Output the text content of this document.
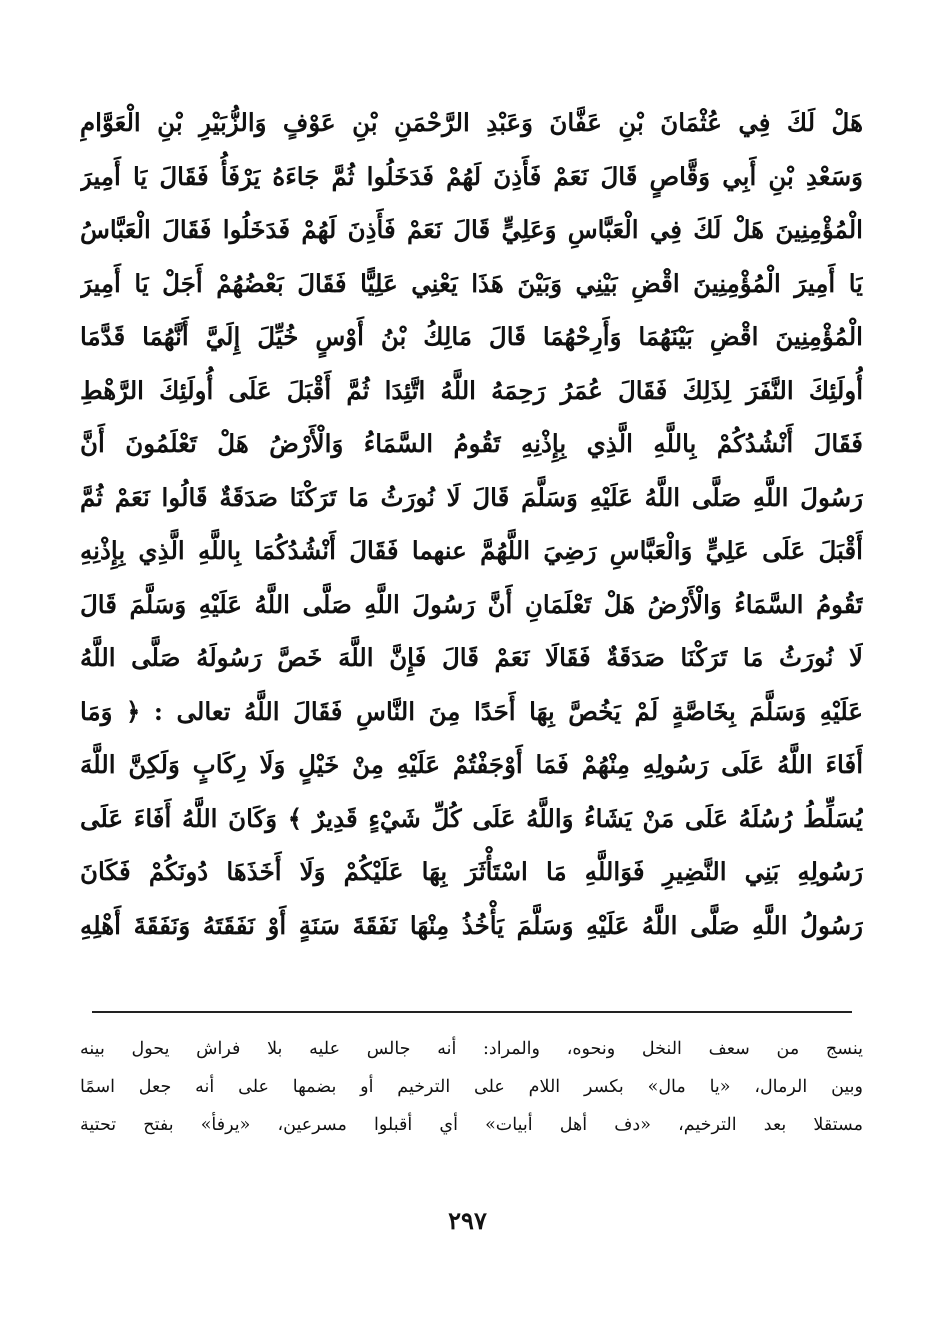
هَلْ لَكَ فِي عُثْمَانَ بْنِ عَفَّانَ وَعَبْدِ الرَّحْمَنِ بْنِ عَوْفٍ وَالزُّبَيْرِ بْنِ الْعَوَّامِ
وَسَعْدِ بْنِ أَبِي وَقَّاصٍ قَالَ نَعَمْ فَأَذِنَ لَهُمْ فَدَخَلُوا ثُمَّ جَاءَهُ يَرْفَأُ فَقَالَ يَا أَمِيرَ
الْمُؤْمِنِينَ هَلْ لَكَ فِي الْعَبَّاسِ وَعَلِيٍّ قَالَ نَعَمْ فَأَذِنَ لَهُمْ فَدَخَلُوا فَقَالَ الْعَبَّاسُ
يَا أَمِيرَ الْمُؤْمِنِينَ اقْضِ بَيْنِي وَبَيْنَ هَذَا يَعْنِي عَلِيًّا فَقَالَ بَعْضُهُمْ أَجَلْ يَا أَمِيرَ
الْمُؤْمِنِينَ اقْضِ بَيْنَهُمَا وَأَرِحْهُمَا قَالَ مَالِكُ بْنُ أَوْسٍ خُيِّلَ إِلَيَّ أَنَّهُمَا قَدَّمَا
أُولَئِكَ النَّفَرَ لِذَلِكَ فَقَالَ عُمَرُ رَحِمَهُ اللَّهُ اتَّئِدَا ثُمَّ أَقْبَلَ عَلَى أُولَئِكَ الرَّهْطِ
فَقَالَ أَنْشُدُكُمْ بِاللَّهِ الَّذِي بِإِذْنِهِ تَقُومُ السَّمَاءُ وَالْأَرْضُ هَلْ تَعْلَمُونَ أَنَّ
رَسُولَ اللَّهِ صَلَّى اللَّهُ عَلَيْهِ وَسَلَّمَ قَالَ لَا نُورَثُ مَا تَرَكْنَا صَدَقَةٌ قَالُوا نَعَمْ ثُمَّ
أَقْبَلَ عَلَى عَلِيٍّ وَالْعَبَّاسِ رَضِيَ اللَّهُمَّ عنهما فَقَالَ أَنْشُدُكُمَا بِاللَّهِ الَّذِي بِإِذْنِهِ
تَقُومُ السَّمَاءُ وَالْأَرْضُ هَلْ تَعْلَمَانِ أَنَّ رَسُولَ اللَّهِ صَلَّى اللَّهُ عَلَيْهِ وَسَلَّمَ قَالَ
لَا نُورَثُ مَا تَرَكْنَا صَدَقَةٌ فَقَالَا نَعَمْ قَالَ فَإِنَّ اللَّهَ خَصَّ رَسُولَهُ صَلَّى اللَّهُ
عَلَيْهِ وَسَلَّمَ بِخَاصَّةٍ لَمْ يَخُصَّ بِهَا أَحَدًا مِنَ النَّاسِ فَقَالَ اللَّهُ تعالى : ﴿ وَمَا
أَفَاءَ اللَّهُ عَلَى رَسُولِهِ مِنْهُمْ فَمَا أَوْجَفْتُمْ عَلَيْهِ مِنْ خَيْلٍ وَلَا رِكَابٍ وَلَكِنَّ اللَّهَ
يُسَلِّطُ رُسُلَهُ عَلَى مَنْ يَشَاءُ وَاللَّهُ عَلَى كُلِّ شَيْءٍ قَدِيرٌ ﴾ وَكَانَ اللَّهُ أَفَاءَ عَلَى
رَسُولِهِ بَنِي النَّضِيرِ فَوَاللَّهِ مَا اسْتَأْثَرَ بِهَا عَلَيْكُمْ وَلَا أَخَذَهَا دُونَكُمْ فَكَانَ
رَسُولُ اللَّهِ صَلَّى اللَّهُ عَلَيْهِ وَسَلَّمَ يَأْخُذُ مِنْهَا نَفَقَةَ سَنَةٍ أَوْ نَفَقَتَهُ وَنَفَقَةَ أَهْلِهِ
ينسج من سعف النخل ونحوه، والمراد: أنه جالس عليه بلا فراش يحول بينه
وبين الرمال، «يا مال» بكسر اللام على الترخيم أو بضمها على أنه جعل اسمًا
مستقلا بعد الترخيم، «دف أهل أبيات» أي أقبلوا مسرعين، «يرفأ» بفتح تحتية
٢٩٧
